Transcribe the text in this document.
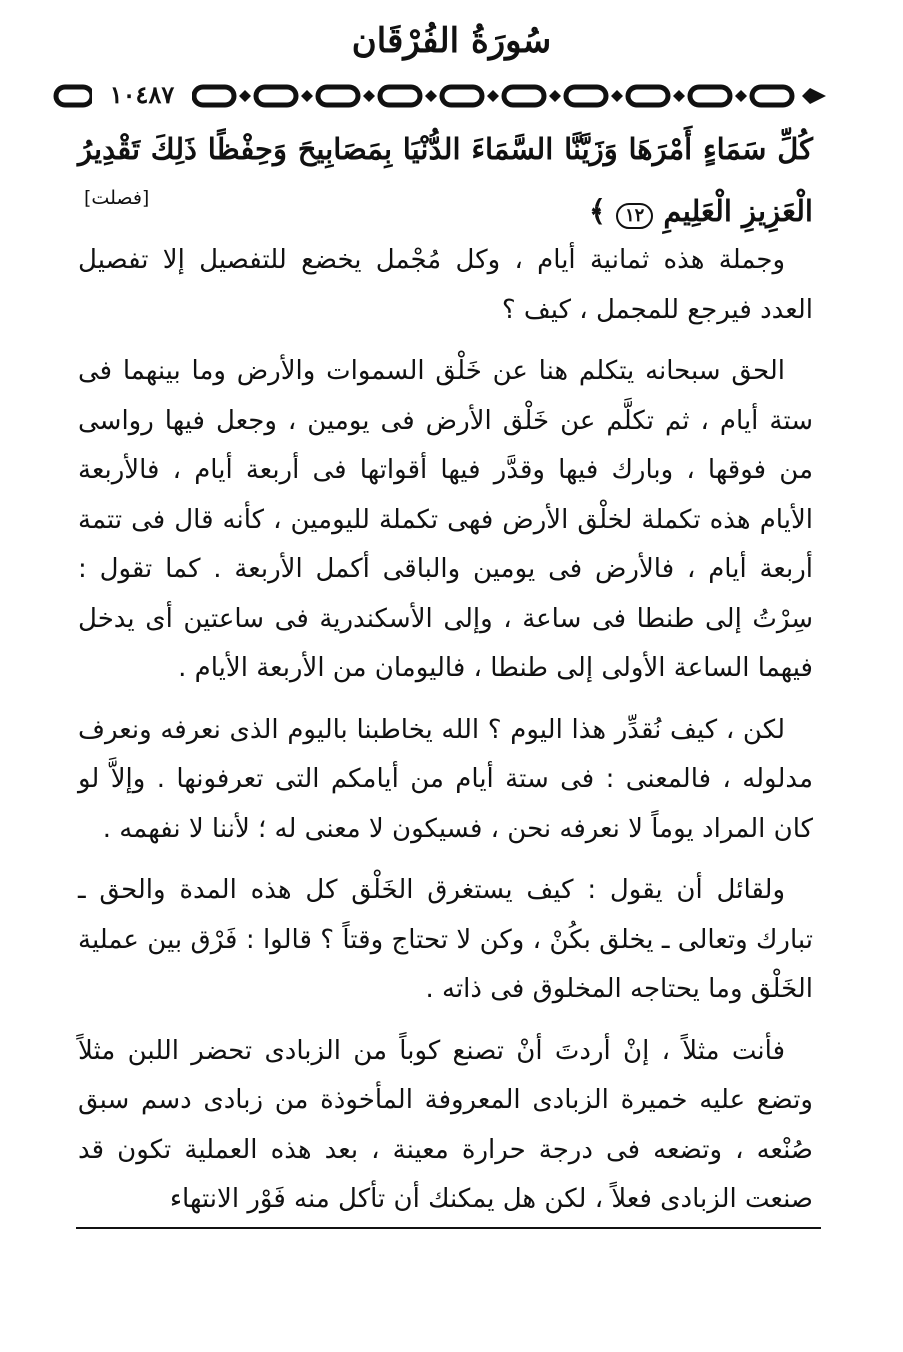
سُورَةُ الفُرْقَان
١٠٤٨٧
كُلِّ سَمَاءٍ أَمْرَهَا وَزَيَّنَّا السَّمَاءَ الدُّنْيَا بِمَصَابِيحَ وَحِفْظًا ذَلِكَ تَقْدِيرُ الْعَزِيزِ الْعَلِيمِ ١٢ ﴾
[فصلت]

وجملة هذه ثمانية أيام ، وكل مُجْمل يخضع للتفصيل إلا تفصيل العدد فيرجع للمجمل ، كيف ؟

الحق سبحانه يتكلم هنا عن خَلْق السموات والأرض وما بينهما فى ستة أيام ، ثم تكلَّم عن خَلْق الأرض فى يومين ، وجعل فيها رواسى من فوقها ، وبارك فيها وقدَّر فيها أقواتها فى أربعة أيام ، فالأربعة الأيام هذه تكملة لخلْق الأرض فهى تكملة لليومين ، كأنه قال فى تتمة أربعة أيام ، فالأرض فى يومين والباقى أكمل الأربعة . كما تقول : سِرْتُ إلى طنطا فى ساعة ، وإلى الأسكندرية فى ساعتين أى يدخل فيهما الساعة الأولى إلى طنطا ، فاليومان من الأربعة الأيام .

لكن ، كيف نُقدِّر هذا اليوم ؟ الله يخاطبنا باليوم الذى نعرفه ونعرف مدلوله ، فالمعنى : فى ستة أيام من أيامكم التى تعرفونها . وإلاَّ لو كان المراد يوماً لا نعرفه نحن ، فسيكون لا معنى له ؛ لأننا لا نفهمه .

ولقائل أن يقول : كيف يستغرق الخَلْق كل هذه المدة والحق ـ تبارك وتعالى ـ يخلق بكُنْ ، وكن لا تحتاج وقتاً ؟ قالوا : فَرْق بين عملية الخَلْق وما يحتاجه المخلوق فى ذاته .

فأنت مثلاً ، إنْ أردتَ أنْ تصنع كوباً من الزبادى تحضر اللبن مثلاً وتضع عليه خميرة الزبادى المعروفة المأخوذة من زبادى دسم سبق صُنْعه ، وتضعه فى درجة حرارة معينة ، بعد هذه العملية تكون قد صنعت الزبادى فعلاً ، لكن هل يمكنك أن تأكل منه فَوْر الانتهاء
